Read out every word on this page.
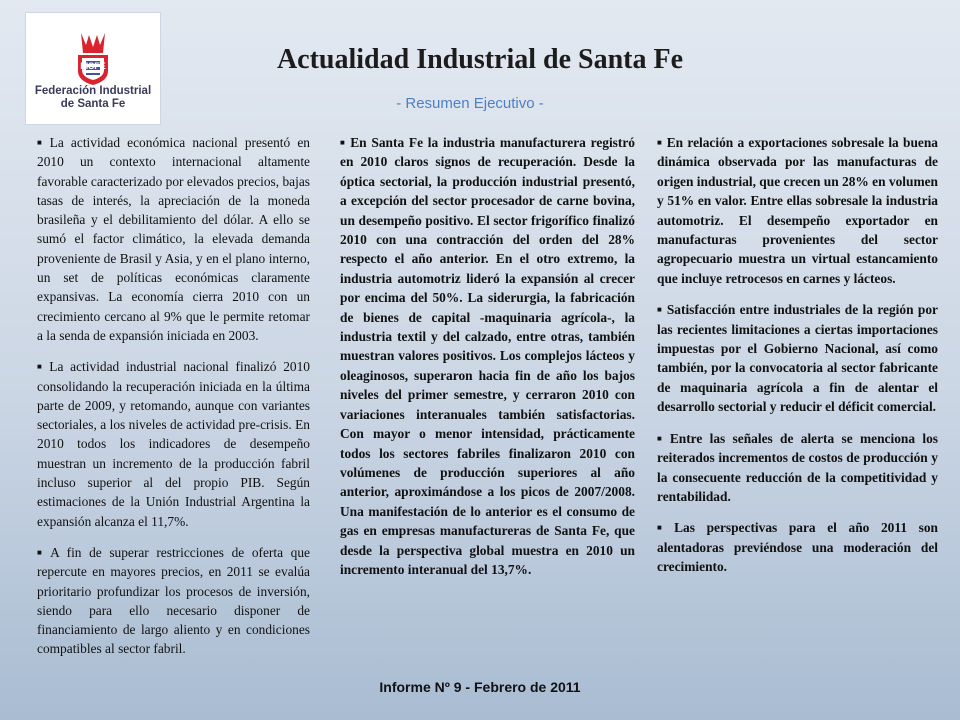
FISFE
Federación Industrial
de Santa Fe
Actualidad Industrial de Santa Fe
- Resumen Ejecutivo -

■ La actividad económica nacional presentó en 2010 un contexto internacional altamente favorable caracterizado por elevados precios, bajas tasas de interés, la apreciación de la moneda brasileña y el debilitamiento del dólar. A ello se sumó el factor climático, la elevada demanda proveniente de Brasil y Asia, y en el plano interno, un set de políticas económicas claramente expansivas. La economía cierra 2010 con un crecimiento cercano al 9% que le permite retomar a la senda de expansión iniciada en 2003.

■ La actividad industrial nacional finalizó 2010 consolidando la recuperación iniciada en la última parte de 2009, y retomando, aunque con variantes sectoriales, a los niveles de actividad pre-crisis. En 2010 todos los indicadores de desempeño muestran un incremento de la producción fabril incluso superior al del propio PIB. Según estimaciones de la Unión Industrial Argentina la expansión alcanza el 11,7%.

■ A fin de superar restricciones de oferta que repercute en mayores precios, en 2011 se evalúa prioritario profundizar los procesos de inversión, siendo para ello necesario disponer de financiamiento de largo aliento y en condiciones compatibles al sector fabril.

■ En Santa Fe la industria manufacturera registró en 2010 claros signos de recuperación. Desde la óptica sectorial, la producción industrial presentó, a excepción del sector procesador de carne bovina, un desempeño positivo. El sector frigorífico finalizó 2010 con una contracción del orden del 28% respecto el año anterior. En el otro extremo, la industria automotriz lideró la expansión al crecer por encima del 50%. La siderurgia, la fabricación de bienes de capital -maquinaria agrícola-, la industria textil y del calzado, entre otras, también muestran valores positivos. Los complejos lácteos y oleaginosos, superaron hacia fin de año los bajos niveles del primer semestre, y cerraron 2010 con variaciones interanuales también satisfactorias. Con mayor o menor intensidad, prácticamente todos los sectores fabriles finalizaron 2010 con volúmenes de producción superiores al año anterior, aproximándose a los picos de 2007/2008. Una manifestación de lo anterior es el consumo de gas en empresas manufactureras de Santa Fe, que desde la perspectiva global muestra en 2010 un incremento interanual del 13,7%.

■ En relación a exportaciones sobresale la buena dinámica observada por las manufacturas de origen industrial, que crecen un 28% en volumen y 51% en valor. Entre ellas sobresale la industria automotriz. El desempeño exportador en manufacturas provenientes del sector agropecuario muestra un virtual estancamiento que incluye retrocesos en carnes y lácteos.

■ Satisfacción entre industriales de la región por las recientes limitaciones a ciertas importaciones impuestas por el Gobierno Nacional, así como también, por la convocatoria al sector fabricante de maquinaria agrícola a fin de alentar el desarrollo sectorial y reducir el déficit comercial.

■ Entre las señales de alerta se menciona los reiterados incrementos de costos de producción y la consecuente reducción de la competitividad y rentabilidad.

■ Las perspectivas para el año 2011 son alentadoras previéndose una moderación del crecimiento.

Informe Nº 9 - Febrero de 2011
